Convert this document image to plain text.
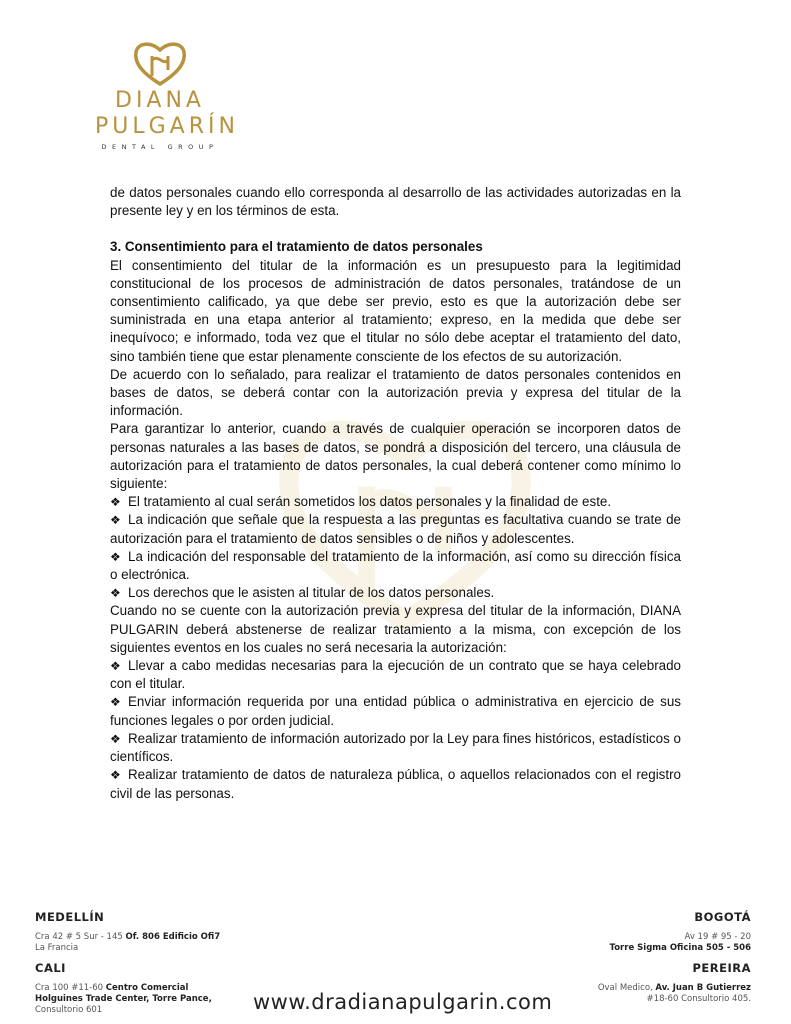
DIANA
PULGARÍN
DENTAL GROUP

de datos personales cuando ello corresponda al desarrollo de las actividades autorizadas en la presente ley y en los términos de esta.

3. Consentimiento para el tratamiento de datos personales

El consentimiento del titular de la información es un presupuesto para la legitimidad constitucional de los procesos de administración de datos personales, tratándose de un consentimiento calificado, ya que debe ser previo, esto es que la autorización debe ser suministrada en una etapa anterior al tratamiento; expreso, en la medida que debe ser inequívoco; e informado, toda vez que el titular no sólo debe aceptar el tratamiento del dato, sino también tiene que estar plenamente consciente de los efectos de su autorización.

De acuerdo con lo señalado, para realizar el tratamiento de datos personales contenidos en bases de datos, se deberá contar con la autorización previa y expresa del titular de la información.

Para garantizar lo anterior, cuando a través de cualquier operación se incorporen datos de personas naturales a las bases de datos, se pondrá a disposición del tercero, una cláusula de autorización para el tratamiento de datos personales, la cual deberá contener como mínimo lo siguiente:

❖ El tratamiento al cual serán sometidos los datos personales y la finalidad de este.

❖ La indicación que señale que la respuesta a las preguntas es facultativa cuando se trate de autorización para el tratamiento de datos sensibles o de niños y adolescentes.

❖ La indicación del responsable del tratamiento de la información, así como su dirección física o electrónica.

❖ Los derechos que le asisten al titular de los datos personales.

Cuando no se cuente con la autorización previa y expresa del titular de la información, DIANA PULGARIN deberá abstenerse de realizar tratamiento a la misma, con excepción de los siguientes eventos en los cuales no será necesaria la autorización:

❖ Llevar a cabo medidas necesarias para la ejecución de un contrato que se haya celebrado con el titular.

❖ Enviar información requerida por una entidad pública o administrativa en ejercicio de sus funciones legales o por orden judicial.

❖ Realizar tratamiento de información autorizado por la Ley para fines históricos, estadísticos o científicos.

❖ Realizar tratamiento de datos de naturaleza pública, o aquellos relacionados con el registro civil de las personas.

MEDELLÍN
Cra 42 # 5 Sur - 145 Of. 806 Edificio Ofi7
La Francia
CALI
Cra 100 #11-60 Centro Comercial
Holguines Trade Center, Torre Pance,
Consultorio 601
BOGOTÁ
Av 19 # 95 - 20
Torre Sigma Oficina 505 - 506
PEREIRA
Oval Medico, Av. Juan B Gutierrez
#18-60 Consultorio 405.
www.dradianapulgarin.com
